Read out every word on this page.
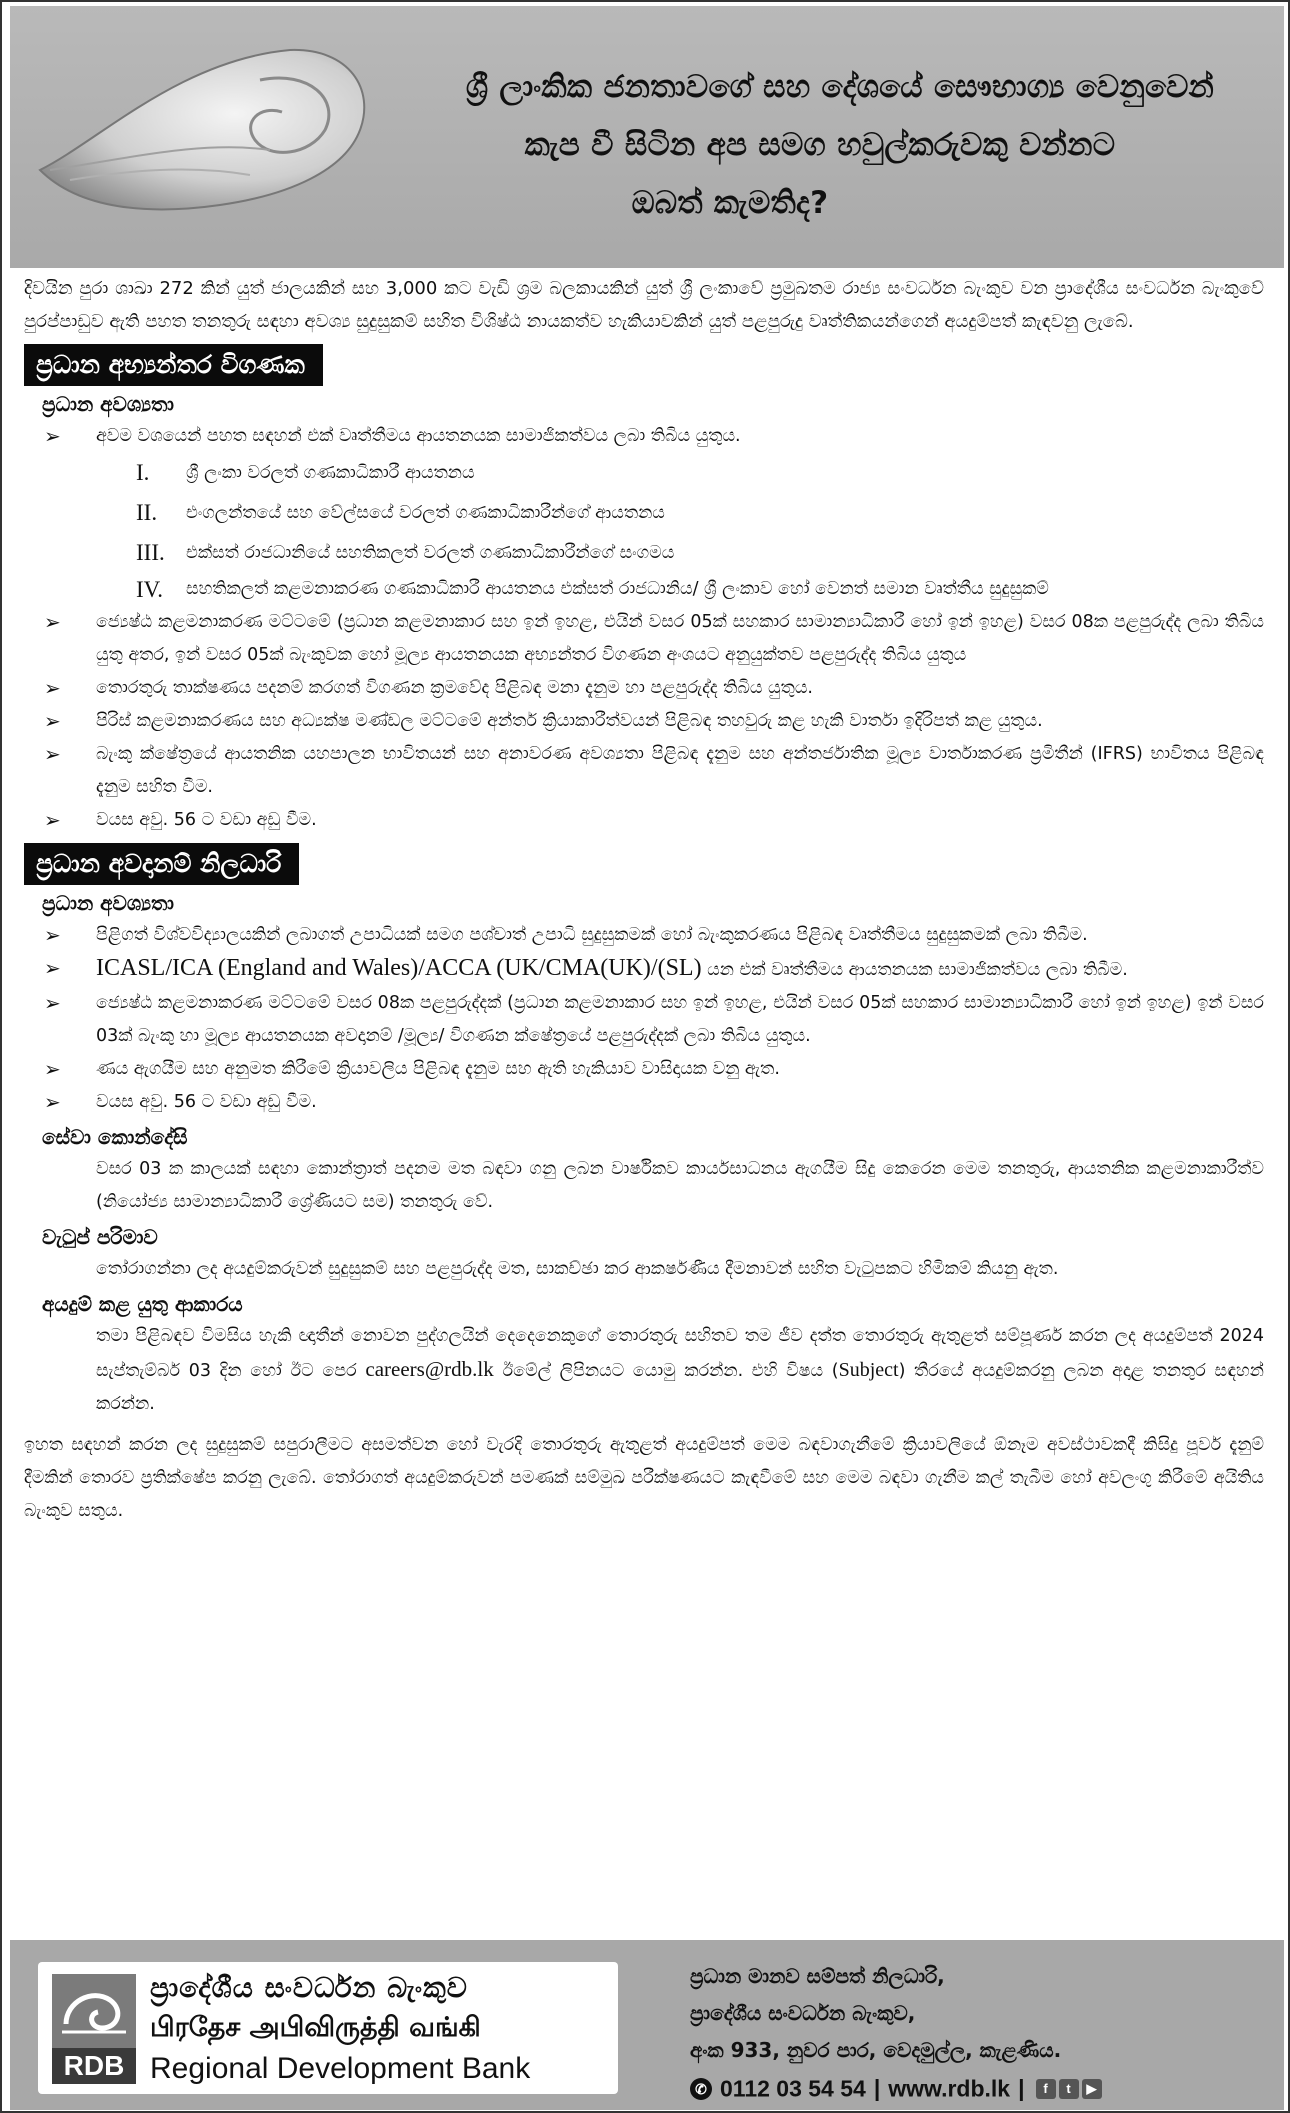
ශ්‍රී ලාංකික ජනතාවගේ සහ දේශයේ සෞභාග්‍ය වෙනුවෙන්
කැප වී සිටින අප සමග හවුල්කරුවකු වන්නට
ඔබත් කැමතිද?

දිවයින පුරා ශාඛා 272 කින් යුත් ජාලයකින් සහ 3,000 කට වැඩි ශ්‍රම බලකායකින් යුත් ශ්‍රී ලංකාවේ ප්‍රමුඛතම රාජ්‍ය සංවර්ධන බැංකුව වන ප්‍රාදේශීය සංවර්ධන බැංකුවේ පුරප්පාඩුව ඇති පහත තනතුරු සඳහා අවශ්‍ය සුදුසුකම් සහිත විශිෂ්ඨ නායකත්ව හැකියාවකින් යුත් පළපුරුදු වෘත්තිකයන්ගෙන් අයදුම්පත් කැඳවනු ලැබේ.

ප්‍රධාන අභ්‍යන්තර විගණක
ප්‍රධාන අවශ්‍යතා
➢ අවම වශයෙන් පහත සඳහන් එක් වෘත්තීමය ආයතනයක සාමාජිකත්වය ලබා තිබිය යුතුය.
I. ශ්‍රී ලංකා වරලත් ගණකාධිකාරී ආයතනය
II. එංගලන්තයේ සහ වේල්සයේ වරලත් ගණකාධිකාරීන්ගේ ආයතනය
III. එක්සත් රාජධානියේ සහතිකලත් වරලත් ගණකාධිකාරීන්ගේ සංගමය
IV. සහතිකලත් කළමනාකරණ ගණකාධිකාරී ආයතනය එක්සත් රාජධානිය/ ශ්‍රී ලංකාව හෝ වෙනත් සමාන වෘත්තීය සුදුසුකම්
➢ ජ්‍යෙෂ්ඨ කළමනාකරණ මට්ටමේ (ප්‍රධාන කළමනාකාර සහ ඉන් ඉහළ, එයින් වසර 05ක් සහකාර සාමාන්‍යාධිකාරී හෝ ඉන් ඉහළ) වසර 08ක පළපුරුද්ද ලබා තිබිය යුතු අතර, ඉන් වසර 05ක් බැංකුවක හෝ මූල්‍ය ආයතනයක අභ්‍යන්තර විගණන අංශයට අනුයුක්තව පළපුරුද්ද තිබිය යුතුය
➢ තොරතුරු තාක්ෂණය පදනම් කරගත් විගණන ක්‍රමවේද පිළිබඳ මනා දැනුම හා පළපුරුද්ද තිබිය යුතුය.
➢ පිරිස් කළමනාකරණය සහ අධ්‍යක්ෂ මණ්ඩල මට්ටමේ අන්තර් ක්‍රියාකාරීත්වයන් පිළිබඳ තහවුරු කළ හැකි වාර්තා ඉදිරිපත් කළ යුතුය.
➢ බැංකු ක්ෂේත්‍රයේ ආයතනික යහපාලන භාවිතයන් සහ අනාවරණ අවශ්‍යතා පිළිබඳ දැනුම සහ අන්තර්ජාතික මූල්‍ය වාර්තාකරණ ප්‍රමිතීන් (IFRS) භාවිතය පිළිබඳ දැනුම සහිත වීම.
➢ වයස අවු. 56 ට වඩා අඩු වීම.
ප්‍රධාන අවදානම් නිලධාරි
ප්‍රධාන අවශ්‍යතා
➢ පිළිගත් විශ්වවිද්‍යාලයකින් ලබාගත් උපාධියක් සමග පශ්චාත් උපාධි සුදුසුකමක් හෝ බැංකුකරණය පිළිබඳ වෘත්තීමය සුදුසුකමක් ලබා තිබීම.
➢ ICASL/ICA (England and Wales)/ACCA (UK/CMA(UK)/(SL) යන එක් වෘත්තීමය ආයතනයක සාමාජිකත්වය ලබා තිබීම.
➢ ජ්‍යෙෂ්ඨ කළමනාකරණ මට්ටමේ වසර 08ක පළපුරුද්දක් (ප්‍රධාන කළමනාකාර සහ ඉන් ඉහළ, එයින් වසර 05ක් සහකාර සාමාන්‍යාධිකාරී හෝ ඉන් ඉහළ) ඉන් වසර 03ක් බැංකු හා මූල්‍ය ආයතනයක අවදානම් /මූල්‍ය/ විගණන ක්ෂේත්‍රයේ පළපුරුද්දක් ලබා තිබිය යුතුය.
➢ ණය ඇගයීම සහ අනුමත කිරීමේ ක්‍රියාවලිය පිළිබඳ දැනුම සහ ඇති හැකියාව වාසිදායක වනු ඇත.
➢ වයස අවු. 56 ට වඩා අඩු වීම.
සේවා කොන්දේසි

වසර 03 ක කාලයක් සඳහා කොන්ත්‍රාත් පදනම මත බඳවා ගනු ලබන වාර්ෂිකව කාර්යසාධනය ඇගයීම සිදු කෙරෙන මෙම තනතුරු, ආයතනික කළමනාකාරීත්ව (නියෝජ්‍ය සාමාන්‍යාධිකාරී ශ්‍රේණියට සම) තනතුරු වේ.

වැටුප් පරිමාව

තෝරාගන්නා ලද අයදුම්කරුවන් සුදුසුකම් සහ පළපුරුද්ද මත, සාකච්ඡා කර ආකර්ෂණීය දීමනාවන් සහිත වැටුපකට හිමිකම් කියනු ඇත.

අයදුම් කළ යුතු ආකාරය

තමා පිළිබඳව විමසිය හැකි ඥාතීන් නොවන පුද්ගලයින් දෙදෙනෙකුගේ තොරතුරු සහිතව තම ජීව දත්ත තොරතුරු ඇතුළත් සම්පූර්ණ කරන ලද අයදුම්පත් 2024 සැප්තැම්බර් 03 දින හෝ ඊට පෙර careers@rdb.lk ඊමේල් ලිපිනයට යොමු කරන්න. එහි විෂය (Subject) තීරයේ අයදුම්කරනු ලබන අදාළ තනතුර සඳහන් කරන්න.

ඉහත සඳහන් කරන ලද සුදුසුකම් සපුරාලීමට අසමත්වන හෝ වැරදි තොරතුරු ඇතුළත් අයදුම්පත් මෙම බඳවාගැනීමේ ක්‍රියාවලියේ ඕනෑම අවස්ථාවකදී කිසිදු පූර්ව දැනුම් දීමකින් තොරව ප්‍රතික්ෂේප කරනු ලැබේ. තෝරාගත් අයදුම්කරුවන් පමණක් සම්මුඛ පරීක්ෂණයට කැඳවීමේ සහ මෙම බඳවා ගැනීම කල් තැබීම හෝ අවලංගු කිරීමේ අයිතිය බැංකුව සතුය.

RDB
ප්‍රාදේශීය සංවර්ධන බැංකුව
பிரதேச அபிவிருத்தி வங்கி
Regional Development Bank
ප්‍රධාන මානව සම්පත් නිලධාරි,
ප්‍රාදේශීය සංවර්ධන බැංකුව,
අංක 933, නුවර පාර, වෙදමුල්ල, කැළණිය.
✆ 0112 03 54 54 | www.rdb.lk | f t ▶
